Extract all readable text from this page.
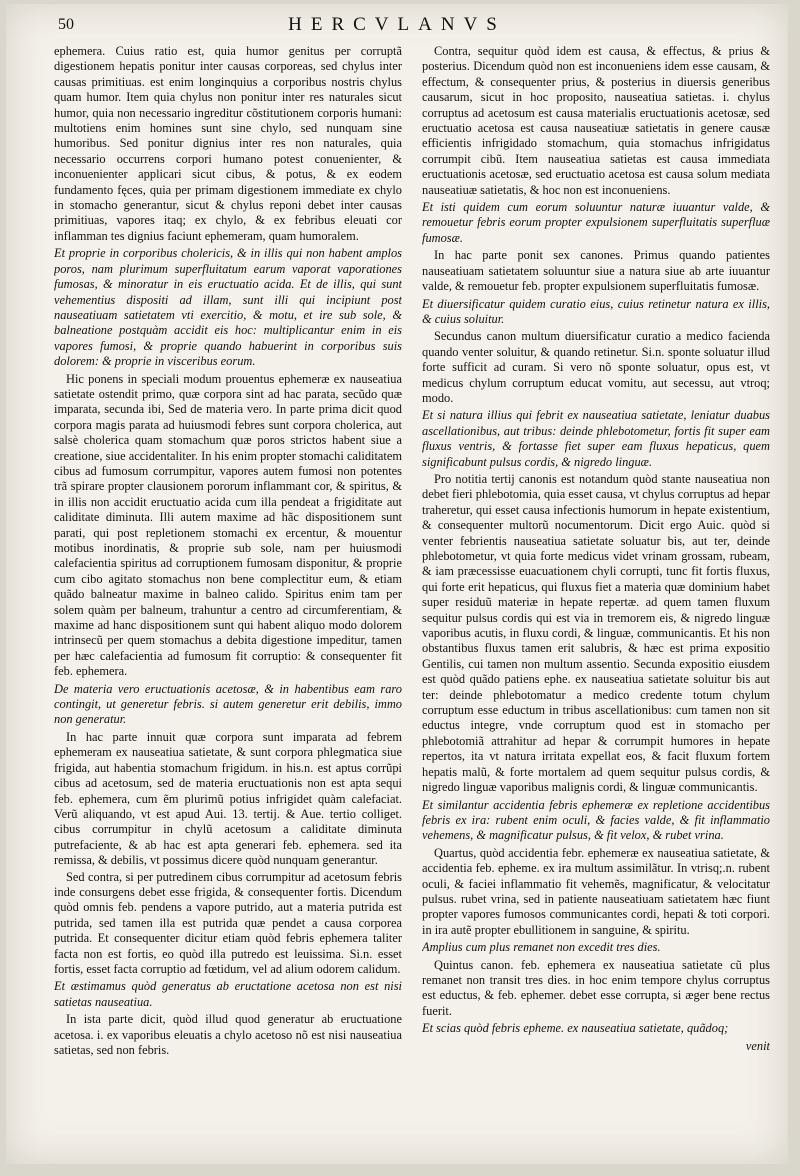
50	HERCVLANVS

ephemera. Cuius ratio est, quia humor genitus per corruptã digestionem hepatis ponitur inter causas corporeas, sed chylus inter causas primitiuas. est enim longinquius a corporibus nostris chylus quam humor. Item quia chylus non ponitur inter res naturales sicut humor, quia non necessario ingreditur cõstitutionem corporis humani: multotiens enim homines sunt sine chylo, sed nunquam sine humoribus. Sed ponitur dignius inter res non naturales, quia necessario occurrens corpori humano potest conuenienter, & inconuenienter applicari sicut cibus, & potus, & ex eodem fundamento fęces, quia per primam digestionem immediate ex chylo in stomacho generantur, sicut & chylus reponi debet inter causas primitiuas, vapores itaq; ex chylo, & ex febribus eleuati cor inflamman tes dignius faciunt ephemeram, quam humoralem.

Et proprie in corporibus cholericis, & in illis qui non habent amplos poros, nam plurimum superfluitatum earum vaporat vaporationes fumosas, & minoratur in eis eructuatio acida. Et de illis, qui sunt vehementius dispositi ad illam, sunt illi qui incipiunt post nauseatiuam satietatem vti exercitio, & motu, et ire sub sole, & balneatione postquàm accidit eis hoc: multiplicantur enim in eis vapores fumosi, & proprie quando habuerint in corporibus suis dolorem: & proprie in visceribus eorum.

Hic ponens in speciali modum prouentus ephemeræ ex nauseatiua satietate ostendit primo, quæ corpora sint ad hac parata, secũdo quæ imparata, secunda ibi, Sed de materia vero. In parte prima dicit quod corpora magis parata ad huiusmodi febres sunt corpora cholerica, aut salsè cholerica quam stomachum quæ poros strictos habent siue a creatione, siue accidentaliter. In his enim propter stomachi caliditatem cibus ad fumosum corrumpitur, vapores autem fumosi non potentes trã spirare propter clausionem pororum inflammant cor, & spiritus, & in illis non accidit eructuatio acida cum illa pendeat a frigiditate aut caliditate diminuta. Illi autem maxime ad hãc dispositionem sunt parati, qui post repletionem stomachi ex ercentur, & mouentur motibus inordinatis, & proprie sub sole, nam per huiusmodi calefacientia spiritus ad corruptionem fumosam disponitur, & proprie cum cibo agitato stomachus non bene complectitur eum, & etiam quãdo balneatur maxime in balneo calido. Spiritus enim tam per solem quàm per balneum, trahuntur a centro ad circumferentiam, & maxime ad hanc dispositionem sunt qui habent aliquo modo dolorem intrinsecũ per quem stomachus a debita digestione impeditur, tamen per hæc calefacientia ad fumosum fit corruptio: & consequenter fit feb. ephemera.

De materia vero eructuationis acetosæ, & in habentibus eam raro contingit, ut generetur febris. si autem generetur erit debilis, immo non generatur.

In hac parte innuit quæ corpora sunt imparata ad febrem ephemeram ex nauseatiua satietate, & sunt corpora phlegmatica siue frigida, aut habentia stomachum frigidum. in his.n. est aptus corrũpi cibus ad acetosum, sed de materia eructuationis non est apta sequi feb. ephemera, cum ẽm plurimũ potius infrigidet quàm calefaciat. Verũ aliquando, vt est apud Aui. 13. tertij. & Aue. tertio colliget. cibus corrumpitur in chylũ acetosum a caliditate diminuta putrefaciente, & ab hac est apta generari feb. ephemera. sed ita remissa, & debilis, vt possimus dicere quòd nunquam generantur.

Sed contra, si per putredinem cibus corrumpitur ad acetosum febris inde consurgens debet esse frigida, & consequenter fortis. Dicendum quòd omnis feb. pendens a vapore putrido, aut a materia putrida est putrida, sed tamen illa est putrida quæ pendet a causa corporea putrida. Et consequenter dicitur etiam quòd febris ephemera taliter facta non est fortis, eo quòd illa putredo est leuissima. Si.n. esset fortis, esset facta corruptio ad fœtidum, vel ad alium odorem calidum.

Et æstimamus quòd generatus ab eructatione acetosa non est nisi satietas nauseatiua.

In ista parte dicit, quòd illud quod generatur ab eructuatione acetosa. i. ex vaporibus eleuatis a chylo acetoso nõ est nisi nauseatiua satietas, sed non febris.

Contra, sequitur quòd idem est causa, & effectus, & prius & posterius. Dicendum quòd non est inconueniens idem esse causam, & effectum, & consequenter prius, & posterius in diuersis generibus causarum, sicut in hoc proposito, nauseatiua satietas. i. chylus corruptus ad acetosum est causa materialis eructuationis acetosæ, sed eructuatio acetosa est causa nauseatiuæ satietatis in genere causæ efficientis infrigidado stomachum, quia stomachus infrigidatus corrumpit cibũ. Item nauseatiua satietas est causa immediata eructuationis acetosæ, sed eructuatio acetosa est causa solum mediata nauseatiuæ satietatis, & hoc non est inconueniens.

Et isti quidem cum eorum soluuntur naturæ iuuantur valde, & remouetur febris eorum propter expulsionem superfluitatis superfluæ fumosæ.

In hac parte ponit sex canones. Primus quando patientes nauseatiuam satietatem soluuntur siue a natura siue ab arte iuuantur valde, & remouetur feb. propter expulsionem superfluitatis fumosæ.

Et diuersificatur quidem curatio eius, cuius retinetur natura ex illis, & cuius soluitur.

Secundus canon multum diuersificatur curatio a medico facienda quando venter soluitur, & quando retinetur. Si.n. sponte soluatur illud forte sufficit ad curam. Si vero nõ sponte soluatur, opus est, vt medicus chylum corruptum educat vomitu, aut secessu, aut vtroq; modo.

Et si natura illius qui febrit ex nauseatiua satietate, leniatur duabus ascellationibus, aut tribus: deinde phlebotometur, fortis fit super eam fluxus ventris, & fortasse fiet super eam fluxus hepaticus, quem significabunt pulsus cordis, & nigredo linguæ.

Pro notitia tertij canonis est notandum quòd stante nauseatiua non debet fieri phlebotomia, quia esset causa, vt chylus corruptus ad hepar traheretur, qui esset causa infectionis humorum in hepate existentium, & consequenter multorũ nocumentorum. Dicit ergo Auic. quòd si venter febrientis nauseatiua satietate soluatur bis, aut ter, deinde phlebotometur, vt quia forte medicus videt vrinam grossam, rubeam, & iam præcessisse euacuationem chyli corrupti, tunc fit fortis fluxus, qui forte erit hepaticus, qui fluxus fiet a materia quæ dominium habet super residuũ materiæ in hepate repertæ. ad quem tamen fluxum sequitur pulsus cordis qui est via in tremorem eis, & nigredo linguæ vaporibus acutis, in fluxu cordi, & linguæ, communicantis. Et his non obstantibus fluxus tamen erit salubris, & hæc est prima expositio Gentilis, cui tamen non multum assentio. Secunda expositio eiusdem est quòd quãdo patiens ephe. ex nauseatiua satietate soluitur bis aut ter: deinde phlebotomatur a medico credente totum chylum corruptum esse eductum in tribus ascellationibus: cum tamen non sit eductus integre, vnde corruptum quod est in stomacho per phlebotomiã attrahitur ad hepar & corrumpit humores in hepate repertos, ita vt natura irritata expellat eos, & facit fluxum fortem hepatis malũ, & forte mortalem ad quem sequitur pulsus cordis, & nigredo linguæ vaporibus malignis cordi, & linguæ communicantis.

Et similantur accidentia febris ephemeræ ex repletione accidentibus febris ex ira: rubent enim oculi, & facies valde, & fit inflammatio vehemens, & magnificatur pulsus, & fit velox, & rubet vrina.

Quartus, quòd accidentia febr. ephemeræ ex nauseatiua satietate, & accidentia feb. epheme. ex ira multum assimilãtur. In vtrisq;.n. rubent oculi, & faciei inflammatio fit vehemẽs, magnificatur, & velocitatur pulsus. rubet vrina, sed in patiente nauseatiuam satietatem hæc fiunt propter vapores fumosos communicantes cordi, hepati & toti corpori. in ira autẽ propter ebullitionem in sanguine, & spiritu.

Amplius cum plus remanet non excedit tres dies.

Quintus canon. feb. ephemera ex nauseatiua satietate cũ plus remanet non transit tres dies. in hoc enim tempore chylus corruptus est eductus, & feb. ephemer. debet esse corrupta, si æger bene rectus fuerit.

Et scias quòd febris epheme. ex nauseatiua satietate, quãdoq;

venit
